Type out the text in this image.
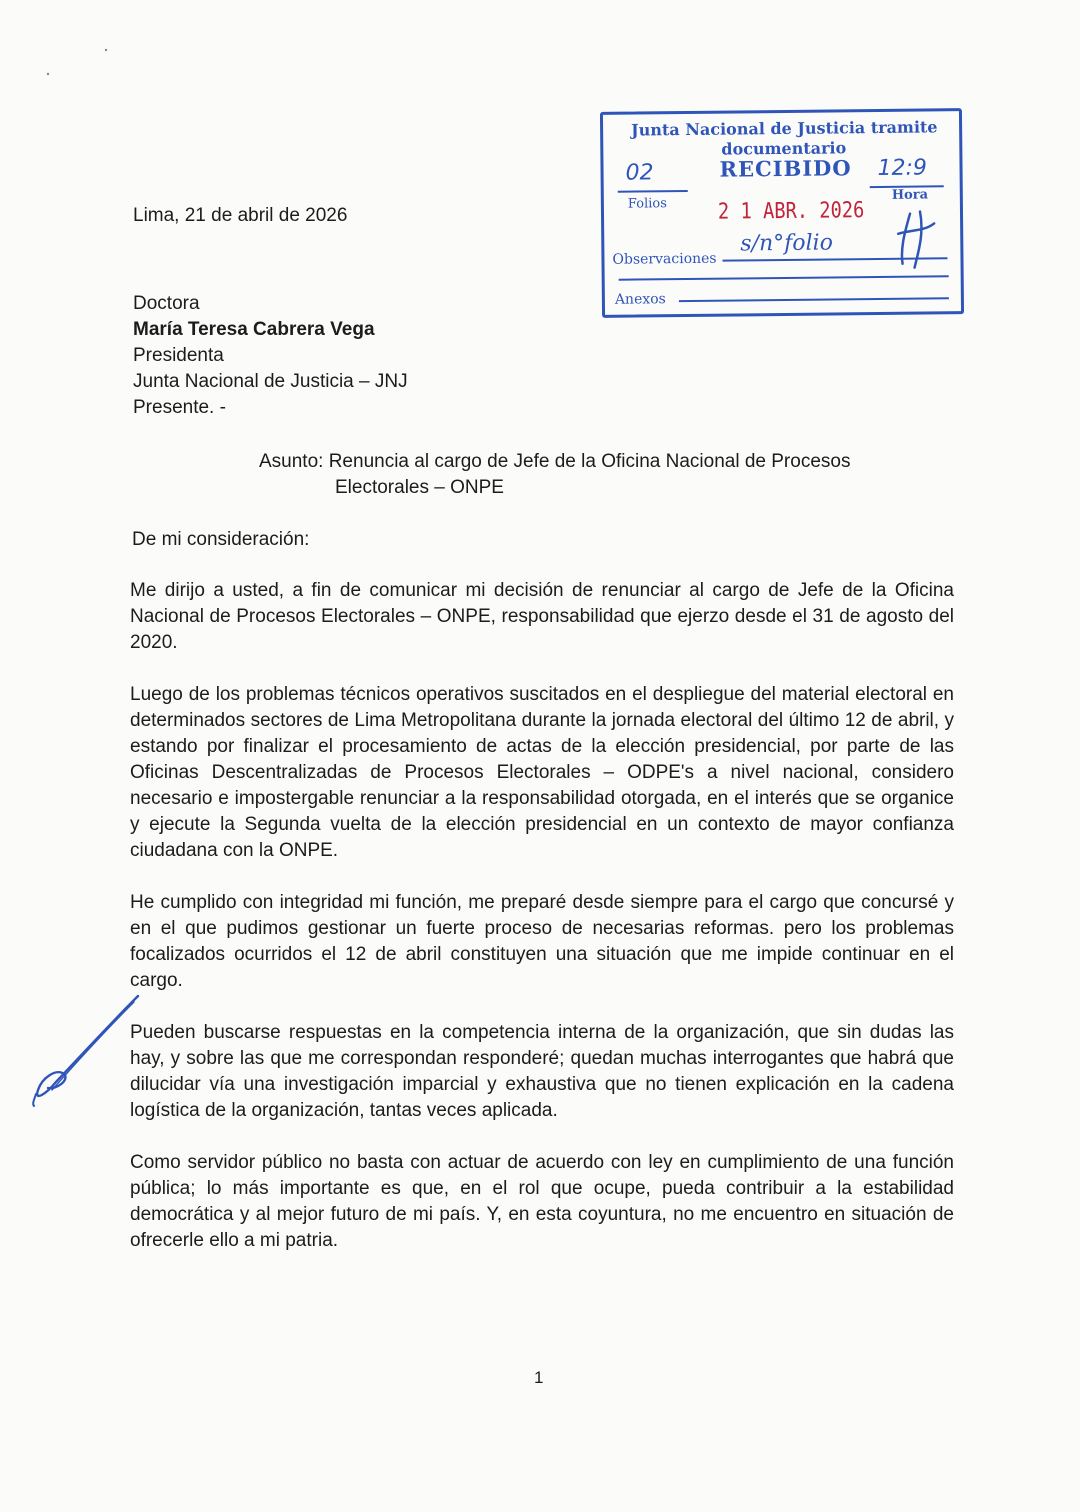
Junta Nacional de Justicia tramite
documentario
RECIBIDO
02
Folios
12:9
Hora
2 1 ABR. 2026
Observaciones
s/n°folio
Anexos
Lima, 21 de abril de 2026
Doctora
María Teresa Cabrera Vega
Presidenta
Junta Nacional de Justicia – JNJ
Presente. -
Asunto: Renuncia al cargo de Jefe de la Oficina Nacional de Procesos
Electorales – ONPE
De mi consideración:
Me dirijo a usted, a fin de comunicar mi decisión de renunciar al cargo de Jefe de la Oficina Nacional de Procesos Electorales – ONPE, responsabilidad que ejerzo desde el 31 de agosto del 2020.
Luego de los problemas técnicos operativos suscitados en el despliegue del material electoral en determinados sectores de Lima Metropolitana durante la jornada electoral del último 12 de abril, y estando por finalizar el procesamiento de actas de la elección presidencial, por parte de las Oficinas Descentralizadas de Procesos Electorales – ODPE's a nivel nacional, considero necesario e impostergable renunciar a la responsabilidad otorgada, en el interés que se organice y ejecute la Segunda vuelta de la elección presidencial en un contexto de mayor confianza ciudadana con la ONPE.
He cumplido con integridad mi función, me preparé desde siempre para el cargo que concursé y en el que pudimos gestionar un fuerte proceso de necesarias reformas. pero los problemas focalizados ocurridos el 12 de abril constituyen una situación que me impide continuar en el cargo.
Pueden buscarse respuestas en la competencia interna de la organización, que sin dudas las hay, y sobre las que me correspondan responderé; quedan muchas interrogantes que habrá que dilucidar vía una investigación imparcial y exhaustiva que no tienen explicación en la cadena logística de la organización, tantas veces aplicada.
Como servidor público no basta con actuar de acuerdo con ley en cumplimiento de una función pública; lo más importante es que, en el rol que ocupe, pueda contribuir a la estabilidad democrática y al mejor futuro de mi país. Y, en esta coyuntura, no me encuentro en situación de ofrecerle ello a mi patria.
1
